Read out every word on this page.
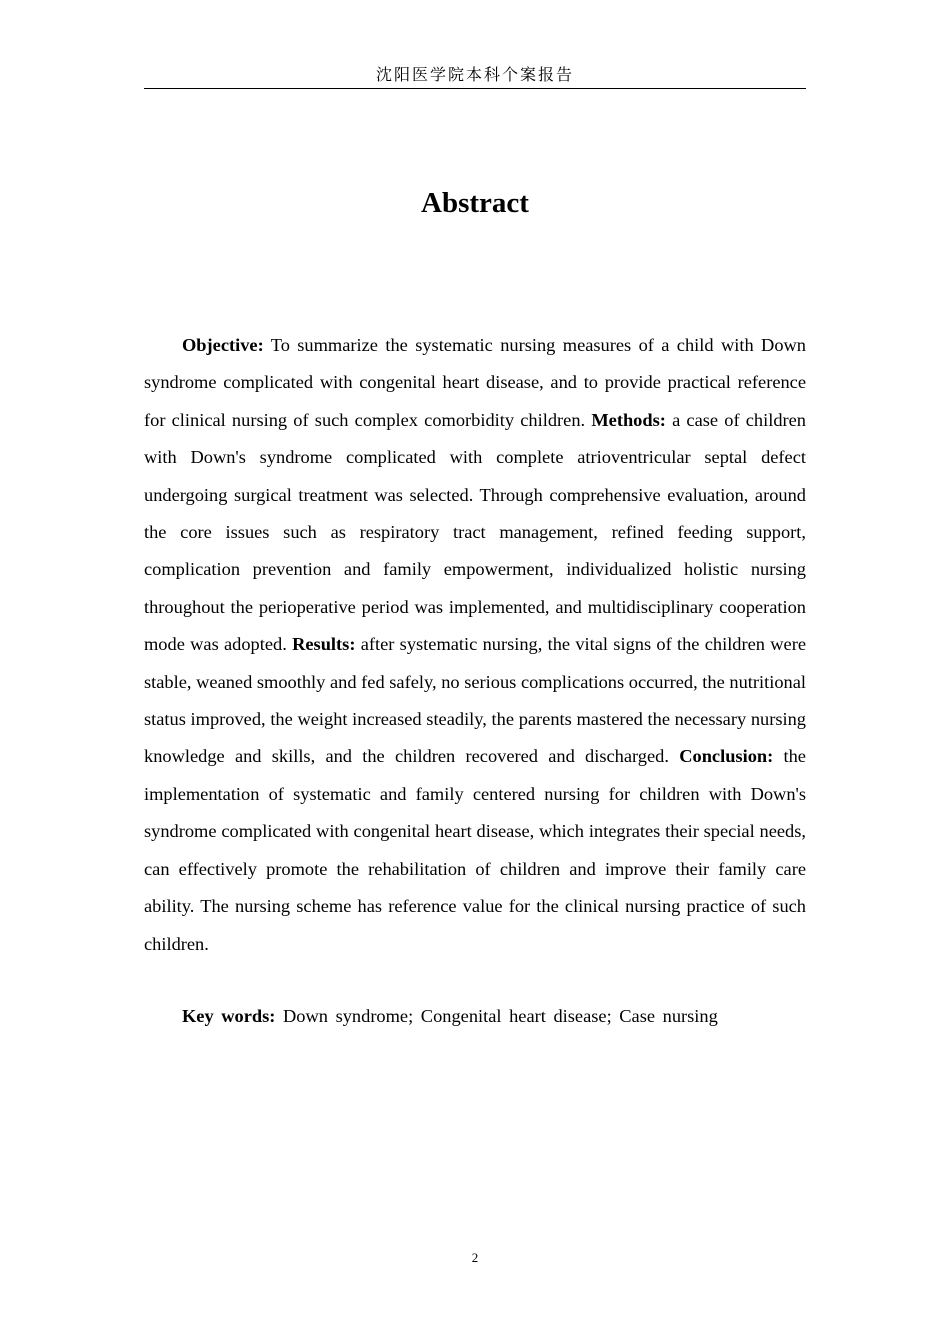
沈阳医学院本科个案报告
Abstract

Objective: To summarize the systematic nursing measures of a child with Down syndrome complicated with congenital heart disease, and to provide practical reference for clinical nursing of such complex comorbidity children. Methods: a case of children with Down's syndrome complicated with complete atrioventricular septal defect undergoing surgical treatment was selected. Through comprehensive evaluation, around the core issues such as respiratory tract management, refined feeding support, complication prevention and family empowerment, individualized holistic nursing throughout the perioperative period was implemented, and multidisciplinary cooperation mode was adopted. Results: after systematic nursing, the vital signs of the children were stable, weaned smoothly and fed safely, no serious complications occurred, the nutritional status improved, the weight increased steadily, the parents mastered the necessary nursing knowledge and skills, and the children recovered and discharged. Conclusion: the implementation of systematic and family centered nursing for children with Down's syndrome complicated with congenital heart disease, which integrates their special needs, can effectively promote the rehabilitation of children and improve their family care ability. The nursing scheme has reference value for the clinical nursing practice of such children.

Key words: Down syndrome; Congenital heart disease; Case nursing

2
